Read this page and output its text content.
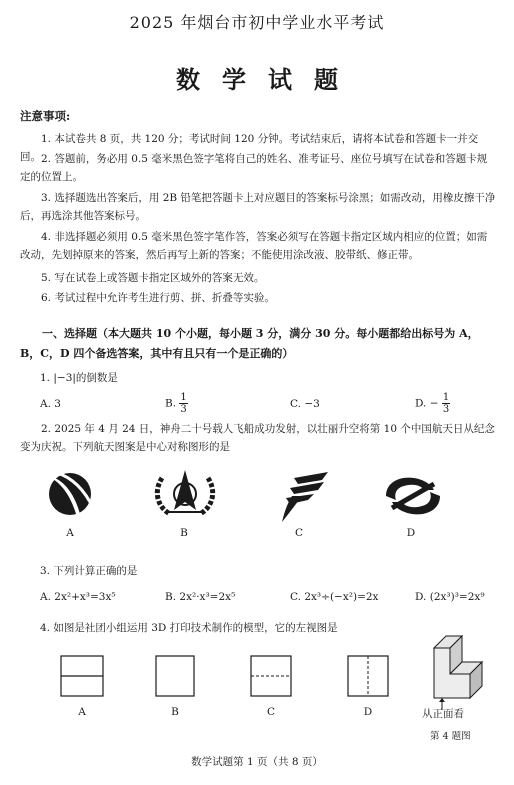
2025 年烟台市初中学业水平考试
数学试题
注意事项:
1. 本试卷共 8 页，共 120 分；考试时间 120 分钟。考试结束后，请将本试卷和答题卡一并交回。 2. 答题前，务必用 0.5 毫米黑色签字笔将自己的姓名、准考证号、座位号填写在试卷和答题卡规定的位置上。
3. 选择题选出答案后，用 2B 铅笔把答题卡上对应题目的答案标号涂黑；如需改动，用橡皮擦干净后，再选涂其他答案标号。
4. 非选择题必须用 0.5 毫米黑色签字笔作答，答案必须写在答题卡指定区域内相应的位置；如需改动，先划掉原来的答案，然后再写上新的答案；不能使用涂改液、胶带纸、修正带。
5. 写在试卷上或答题卡指定区域外的答案无效。
6. 考试过程中允许考生进行剪、拼、折叠等实验。
一、选择题（本大题共 10 个小题，每小题 3 分，满分 30 分。每小题都给出标号为 A，B，C，D 四个备选答案，其中有且只有一个是正确的）
1. |−3|的倒数是
A. 3	B. $\frac{1}{3}$	C. −3	D. − $\frac{1}{3}$
2. 2025 年 4 月 24 日，神舟二十号载人飞船成功发射，以壮丽升空将第 10 个中国航天日从纪念变为庆祝。下列航天图案是中心对称图形的是
A	B	C	D
3. 下列计算正确的是
A. 2x²+x³=3x⁵	B. 2x²·x³=2x⁵	C. 2x³÷(−x²)=2x	D. (2x³)³=2x⁹
4. 如图是社团小组运用 3D 打印技术制作的模型，它的左视图是
A	B	C	D	从正面看
第 4 题图
数学试题第 1 页（共 8 页）
